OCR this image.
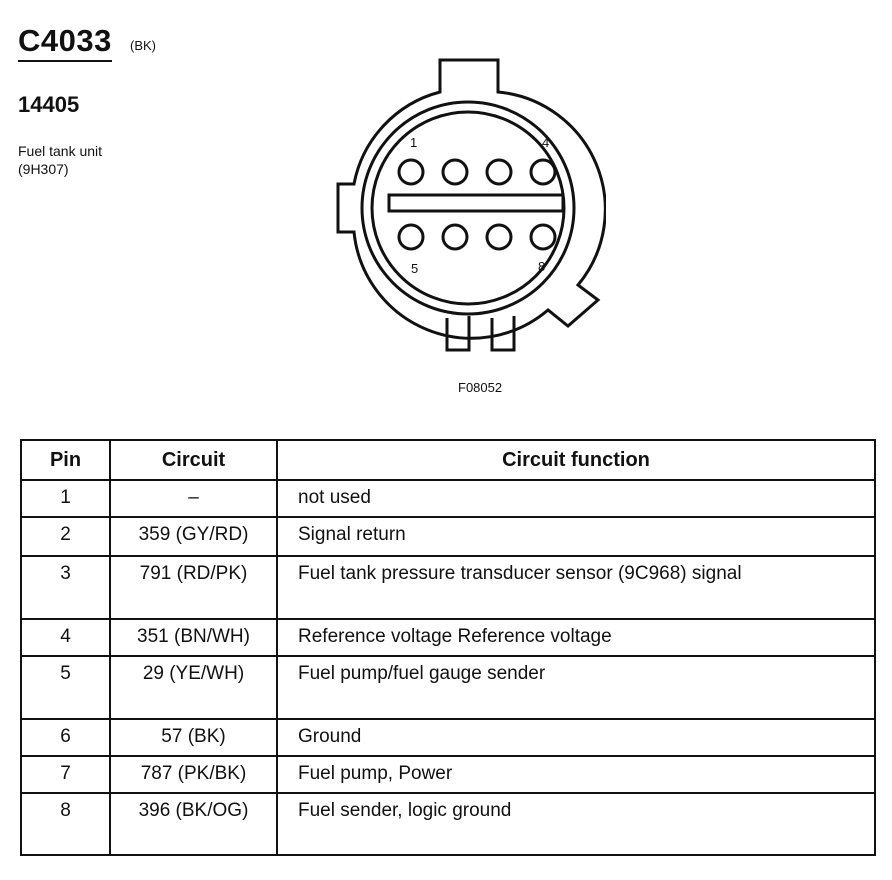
C4033 (BK)
14405
Fuel tank unit
(9H307)
1	4
5	8
F08052
Pin	Circuit	Circuit function
1	–	not used
2	359 (GY/RD)	Signal return
3	791 (RD/PK)	Fuel tank pressure transducer sensor (9C968) signal
4	351 (BN/WH)	Reference voltage Reference voltage
5	29 (YE/WH)	Fuel pump/fuel gauge sender
6	57 (BK)	Ground
7	787 (PK/BK)	Fuel pump, Power
8	396 (BK/OG)	Fuel sender, logic ground
